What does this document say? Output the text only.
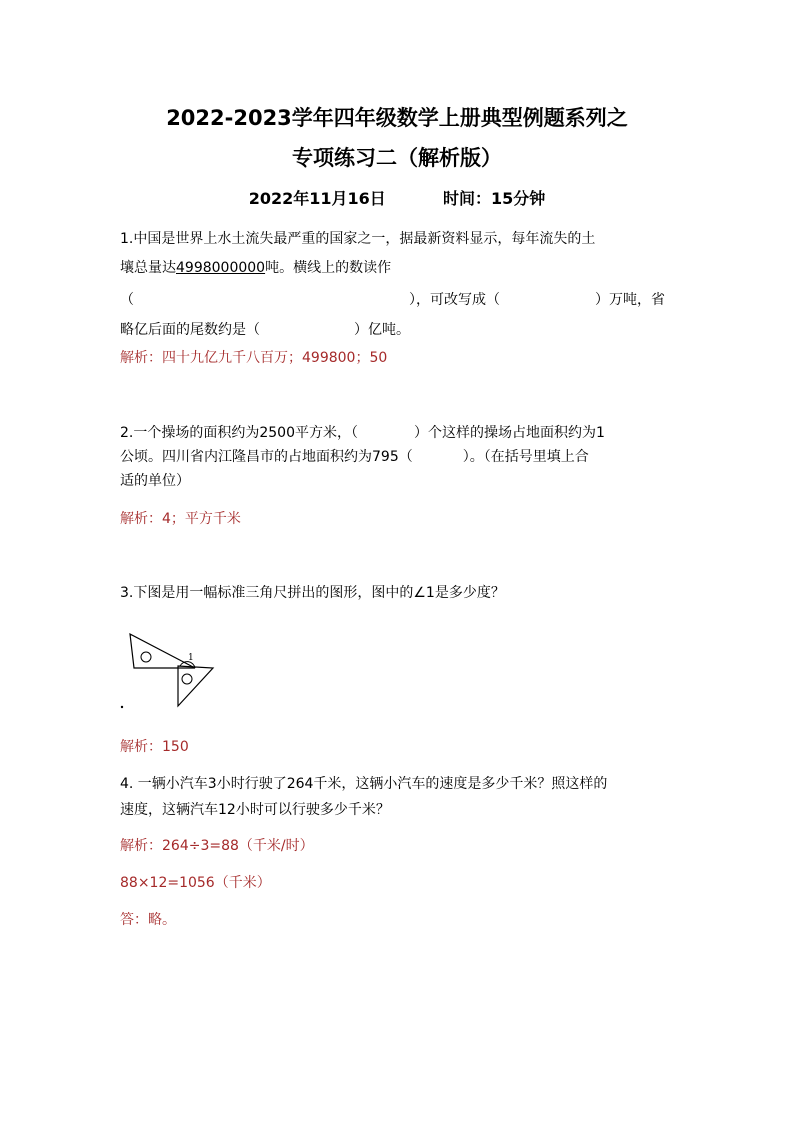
2022-2023学年四年级数学上册典型例题系列之
专项练习二（解析版）
2022年11月16日	时间：15分钟
1.中国是世界上水土流失最严重的国家之一，据最新资料显示，每年流失的土
壤总量达4998000000吨。横线上的数读作
（	），可改写成（	）万吨，省
略亿后面的尾数约是（	）亿吨。
解析：四十九亿九千八百万；499800；50
2.一个操场的面积约为2500平方米，（	）个这样的操场占地面积约为1
公顷。四川省内江隆昌市的占地面积约为795（	）。（在括号里填上合
适的单位）
解析：4；平方千米
3.下图是用一幅标准三角尺拼出的图形，图中的∠1是多少度？
1
解析：150
4. 一辆小汽车3小时行驶了264千米，这辆小汽车的速度是多少千米？照这样的
速度，这辆汽车12小时可以行驶多少千米？
解析：264÷3=88（千米/时）
88×12=1056（千米）
答：略。
